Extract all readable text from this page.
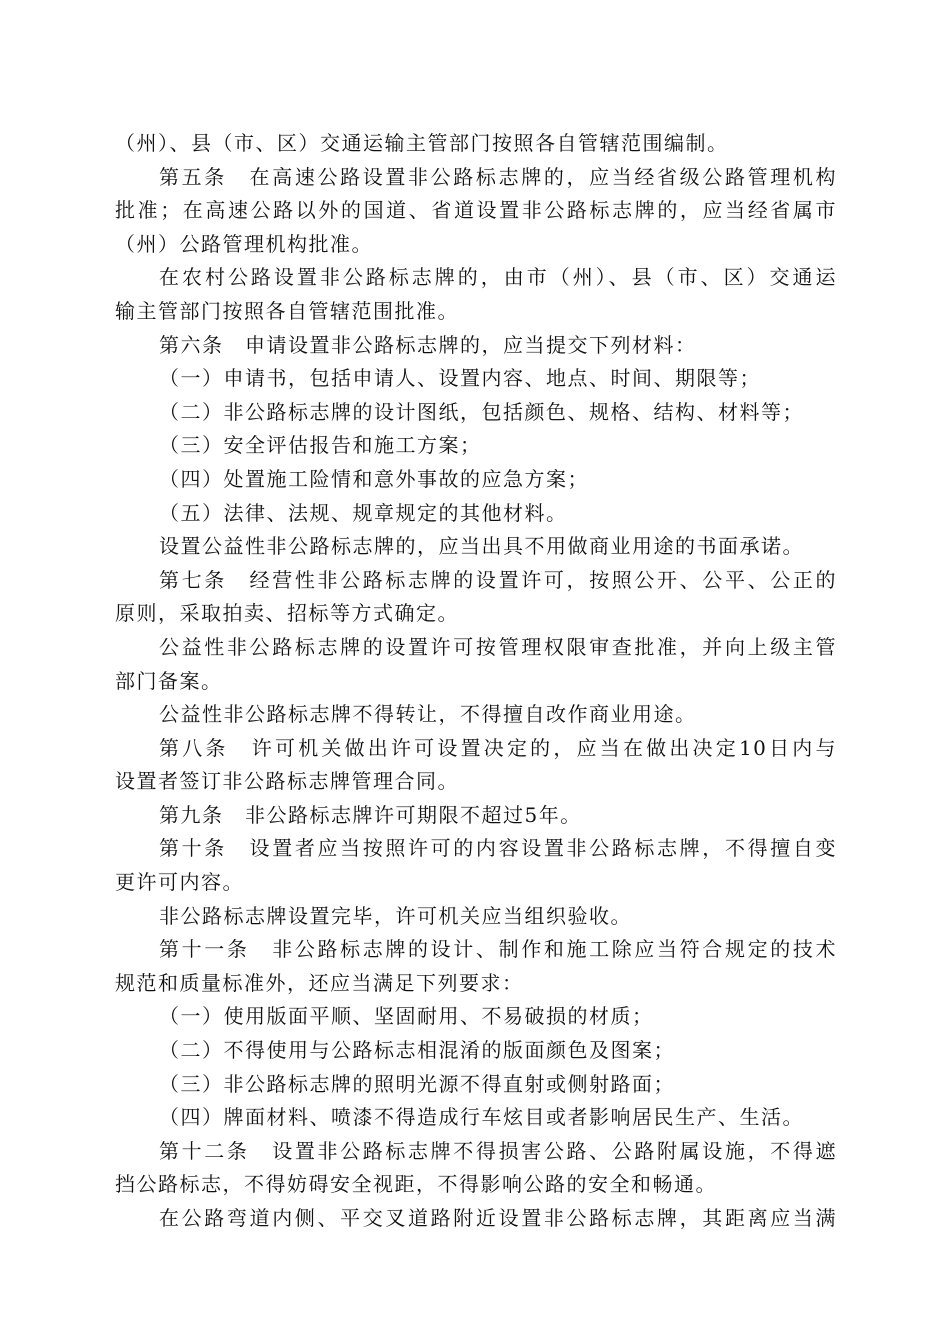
（州）、县（市、区）交通运输主管部门按照各自管辖范围编制。
第五条　在高速公路设置非公路标志牌的，应当经省级公路管理机构
批准；在高速公路以外的国道、省道设置非公路标志牌的，应当经省属市
（州）公路管理机构批准。
在农村公路设置非公路标志牌的，由市（州）、县（市、区）交通运
输主管部门按照各自管辖范围批准。
第六条　申请设置非公路标志牌的，应当提交下列材料：
（一）申请书，包括申请人、设置内容、地点、时间、期限等；
（二）非公路标志牌的设计图纸，包括颜色、规格、结构、材料等；
（三）安全评估报告和施工方案；
（四）处置施工险情和意外事故的应急方案；
（五）法律、法规、规章规定的其他材料。
设置公益性非公路标志牌的，应当出具不用做商业用途的书面承诺。
第七条　经营性非公路标志牌的设置许可，按照公开、公平、公正的
原则，采取拍卖、招标等方式确定。
公益性非公路标志牌的设置许可按管理权限审查批准，并向上级主管
部门备案。
公益性非公路标志牌不得转让，不得擅自改作商业用途。
第八条　许可机关做出许可设置决定的，应当在做出决定10日内与
设置者签订非公路标志牌管理合同。
第九条　非公路标志牌许可期限不超过5年。
第十条　设置者应当按照许可的内容设置非公路标志牌，不得擅自变
更许可内容。
非公路标志牌设置完毕，许可机关应当组织验收。
第十一条　非公路标志牌的设计、制作和施工除应当符合规定的技术
规范和质量标准外，还应当满足下列要求：
（一）使用版面平顺、坚固耐用、不易破损的材质；
（二）不得使用与公路标志相混淆的版面颜色及图案；
（三）非公路标志牌的照明光源不得直射或侧射路面；
（四）牌面材料、喷漆不得造成行车炫目或者影响居民生产、生活。
第十二条　设置非公路标志牌不得损害公路、公路附属设施，不得遮
挡公路标志，不得妨碍安全视距，不得影响公路的安全和畅通。
在公路弯道内侧、平交叉道路附近设置非公路标志牌，其距离应当满
